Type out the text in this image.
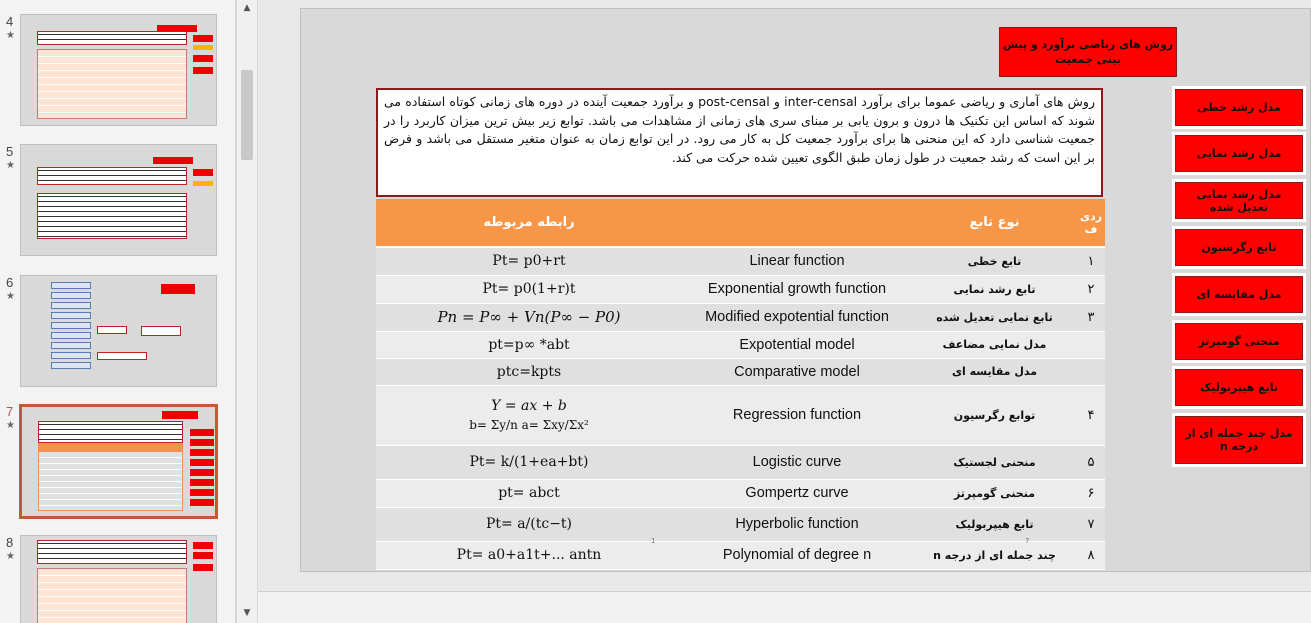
4
★
5
★
6
★
7
★
8
★
▲
▼
روش های ریاضی برآورد و پیش بینی جمعیت
روش های آماری و ریاضی عموما برای برآورد inter-censal و post-censal و برآورد جمعیت آینده در دوره های زمانی کوتاه استفاده می شوند که اساس این تکنیک ها درون و برون یابی بر مبنای سری های زمانی از مشاهدات می باشد. توابع زیر بیش ترین میزان کاربرد را در جمعیت شناسی دارد که این منحنی ها برای برآورد جمعیت کل به کار می رود. در این توابع زمان به عنوان متغیر مستقل می باشد و فرض بر این است که رشد جمعیت در طول زمان طبق الگوی تعیین شده حرکت می کند.
ردی ف	نوع تابع		رابطه مربوطه
۱	تابع خطی	Linear function	Pt= p0+rt
۲	تابع رشد نمایی	Exponential growth function	Pt= p0(1+r)t
۳	تابع نمایی تعدیل شده	Modified expotential function	Pn = P∞ + Vn(P∞ − P0)
	مدل نمایی مضاعف	Expotential model	pt=p∞ *abt
	مدل مقایسه ای	Comparative model	ptc=kpts
۴	توابع رگرسیون	Regression function	Y = ax + b
b= Σy/n a= Σxy/Σx²

۵	منحنی لجستیک	Logistic curve	Pt= k/(1+ea+bt)
۶	منحنی گومپرتز	Gompertz curve	pt= abct
۷	تابع هیپربولیک	Hyperbolic function	Pt= a/(tc−t)
۸	چند جمله ای از درجه n	Polynomial of degree n	Pt= a0+a1t+... antn
1	7
مدل رشد خطی
مدل رشد نمایی
مدل رشد نمایی تعدیل شده
تابع رگرسیون
مدل مقایسه ای
منحنی گومپرتز
تابع هیپربولیک
مدل چند جمله ای از درجه n
